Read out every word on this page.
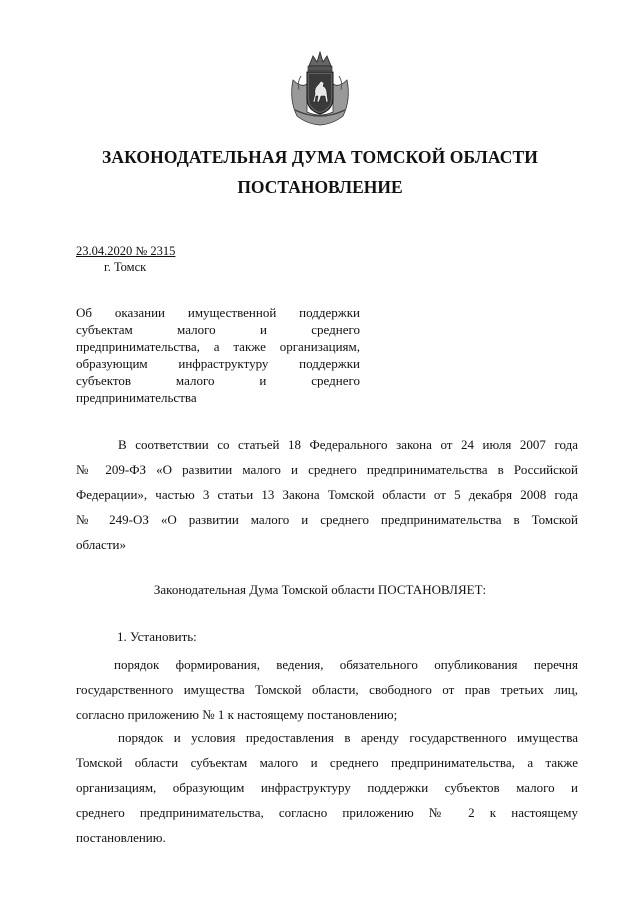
ЗАКОНОДАТЕЛЬНАЯ ДУМА ТОМСКОЙ ОБЛАСТИ
ПОСТАНОВЛЕНИЕ
23.04.2020 № 2315
г. Томск
Об оказании имущественной поддержки
субъектам малого и среднего
предпринимательства, а также организациям,
образующим инфраструктуру поддержки
субъектов малого и среднего
предпринимательства
В соответствии со статьей 18 Федерального закона от 24 июля 2007 года
№ 209-ФЗ «О развитии малого и среднего предпринимательства в Российской
Федерации», частью 3 статьи 13 Закона Томской области от 5 декабря 2008 года
№ 249-ОЗ «О развитии малого и среднего предпринимательства в Томской
области»
Законодательная Дума Томской области ПОСТАНОВЛЯЕТ:
1. Установить:
порядок формирования, ведения, обязательного опубликования перечня
государственного имущества Томской области, свободного от прав третьих лиц,
согласно приложению № 1 к настоящему постановлению;
порядок и условия предоставления в аренду государственного имущества
Томской области субъектам малого и среднего предпринимательства, а также
организациям, образующим инфраструктуру поддержки субъектов малого и
среднего предпринимательства, согласно приложению № 2 к настоящему
постановлению.
